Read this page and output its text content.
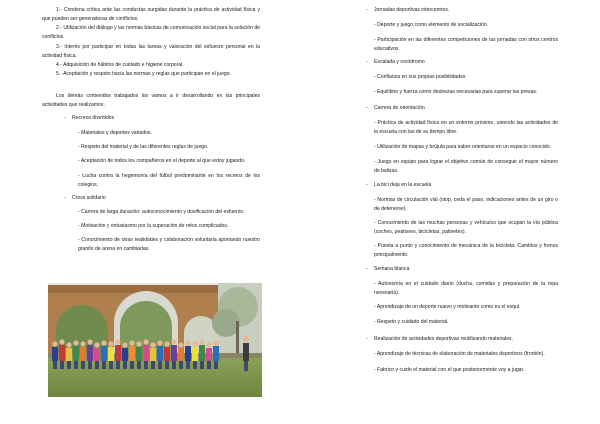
1.- Condena crítica ante las conductas surgidas durante la práctica de actividad física y que pueden ser generadoras de conflictos.

2.- Utilización del diálogo y las normas básicas de comunicación social para la solución de conflictos.

3.- Interés por participar en todas las tareas y valoración del esfuerzo personal en la actividad física.

4.- Adquisición de hábitos de cuidado e higiene corporal.

5.- Aceptación y respeto hacia las normas y reglas que participan en el juego.

Los demás contenidos trabajados los vamos a ir desarrollando en las principales actividades que realizamos.

- Recreos divertidos

- Materiales y deportes variados.

- Respeto del material y de las diferentes reglas de juego.

- Aceptación de todos los compañeros en el deporte al que estoy jugando.

- Lucha contra la hegemonía del fútbol predominante en los recreos de los colegios.

- Cross solidario

- Carrera de larga duración: autoconocimiento y dosificación del esfuerzo.

- Motivación y entusiasmo por la superación de retos complicados.

- Conocimiento de otras realidades y colaboración voluntaria aportando nuestro granito de arena en cambiarlas.

- Jornadas deportivas intercentros.

- Deporte y juego como elemento de socialización.

- Participación en las diferentes competiciones de las jornadas con otros centros educativos.

- Escalada y rocódromo

- Confianza en sus propias posibilidades

- Equilibrio y fuerza como destrezas necesarias para superar las presas.

- Carrera de orientación

- Práctica de actividad física en un entorno próximo, uniendo las actividades de la escuela con las de su tiempo libre.

- Utilización de mapas y brújula para saber orientarse en un espacio conocido.

- Juego en equipo para lograr el objetivo común de conseguir el mayor número de balizas.

- La bici deja en la escuela

- Normas de circulación vial (stop, ceda el paso, indicaciones antes de un giro o de detenerse).

- Conocimiento de las muchas personas y vehículos que ocupan la vía pública (coches, peatones, bicicletas, patinetes).

- Puesta a punto y conocimiento de mecánica de la bicicleta: Cambios y frenos principalmente.

- Semana blanca

- Autonomía en el cuidado diario (ducha, comidas y preparación de la ropa necesaria).

- Aprendizaje de un deporte nuevo y motivante como es el esquí.

- Respeto y cuidado del material.

- Realización de actividades deportivas reutilizando materiales.

- Aprendizaje de técnicas de elaboración de materiales deportivos (frontón).

- Fabrico y cuido el material con el que posteriormente voy a jugar.
